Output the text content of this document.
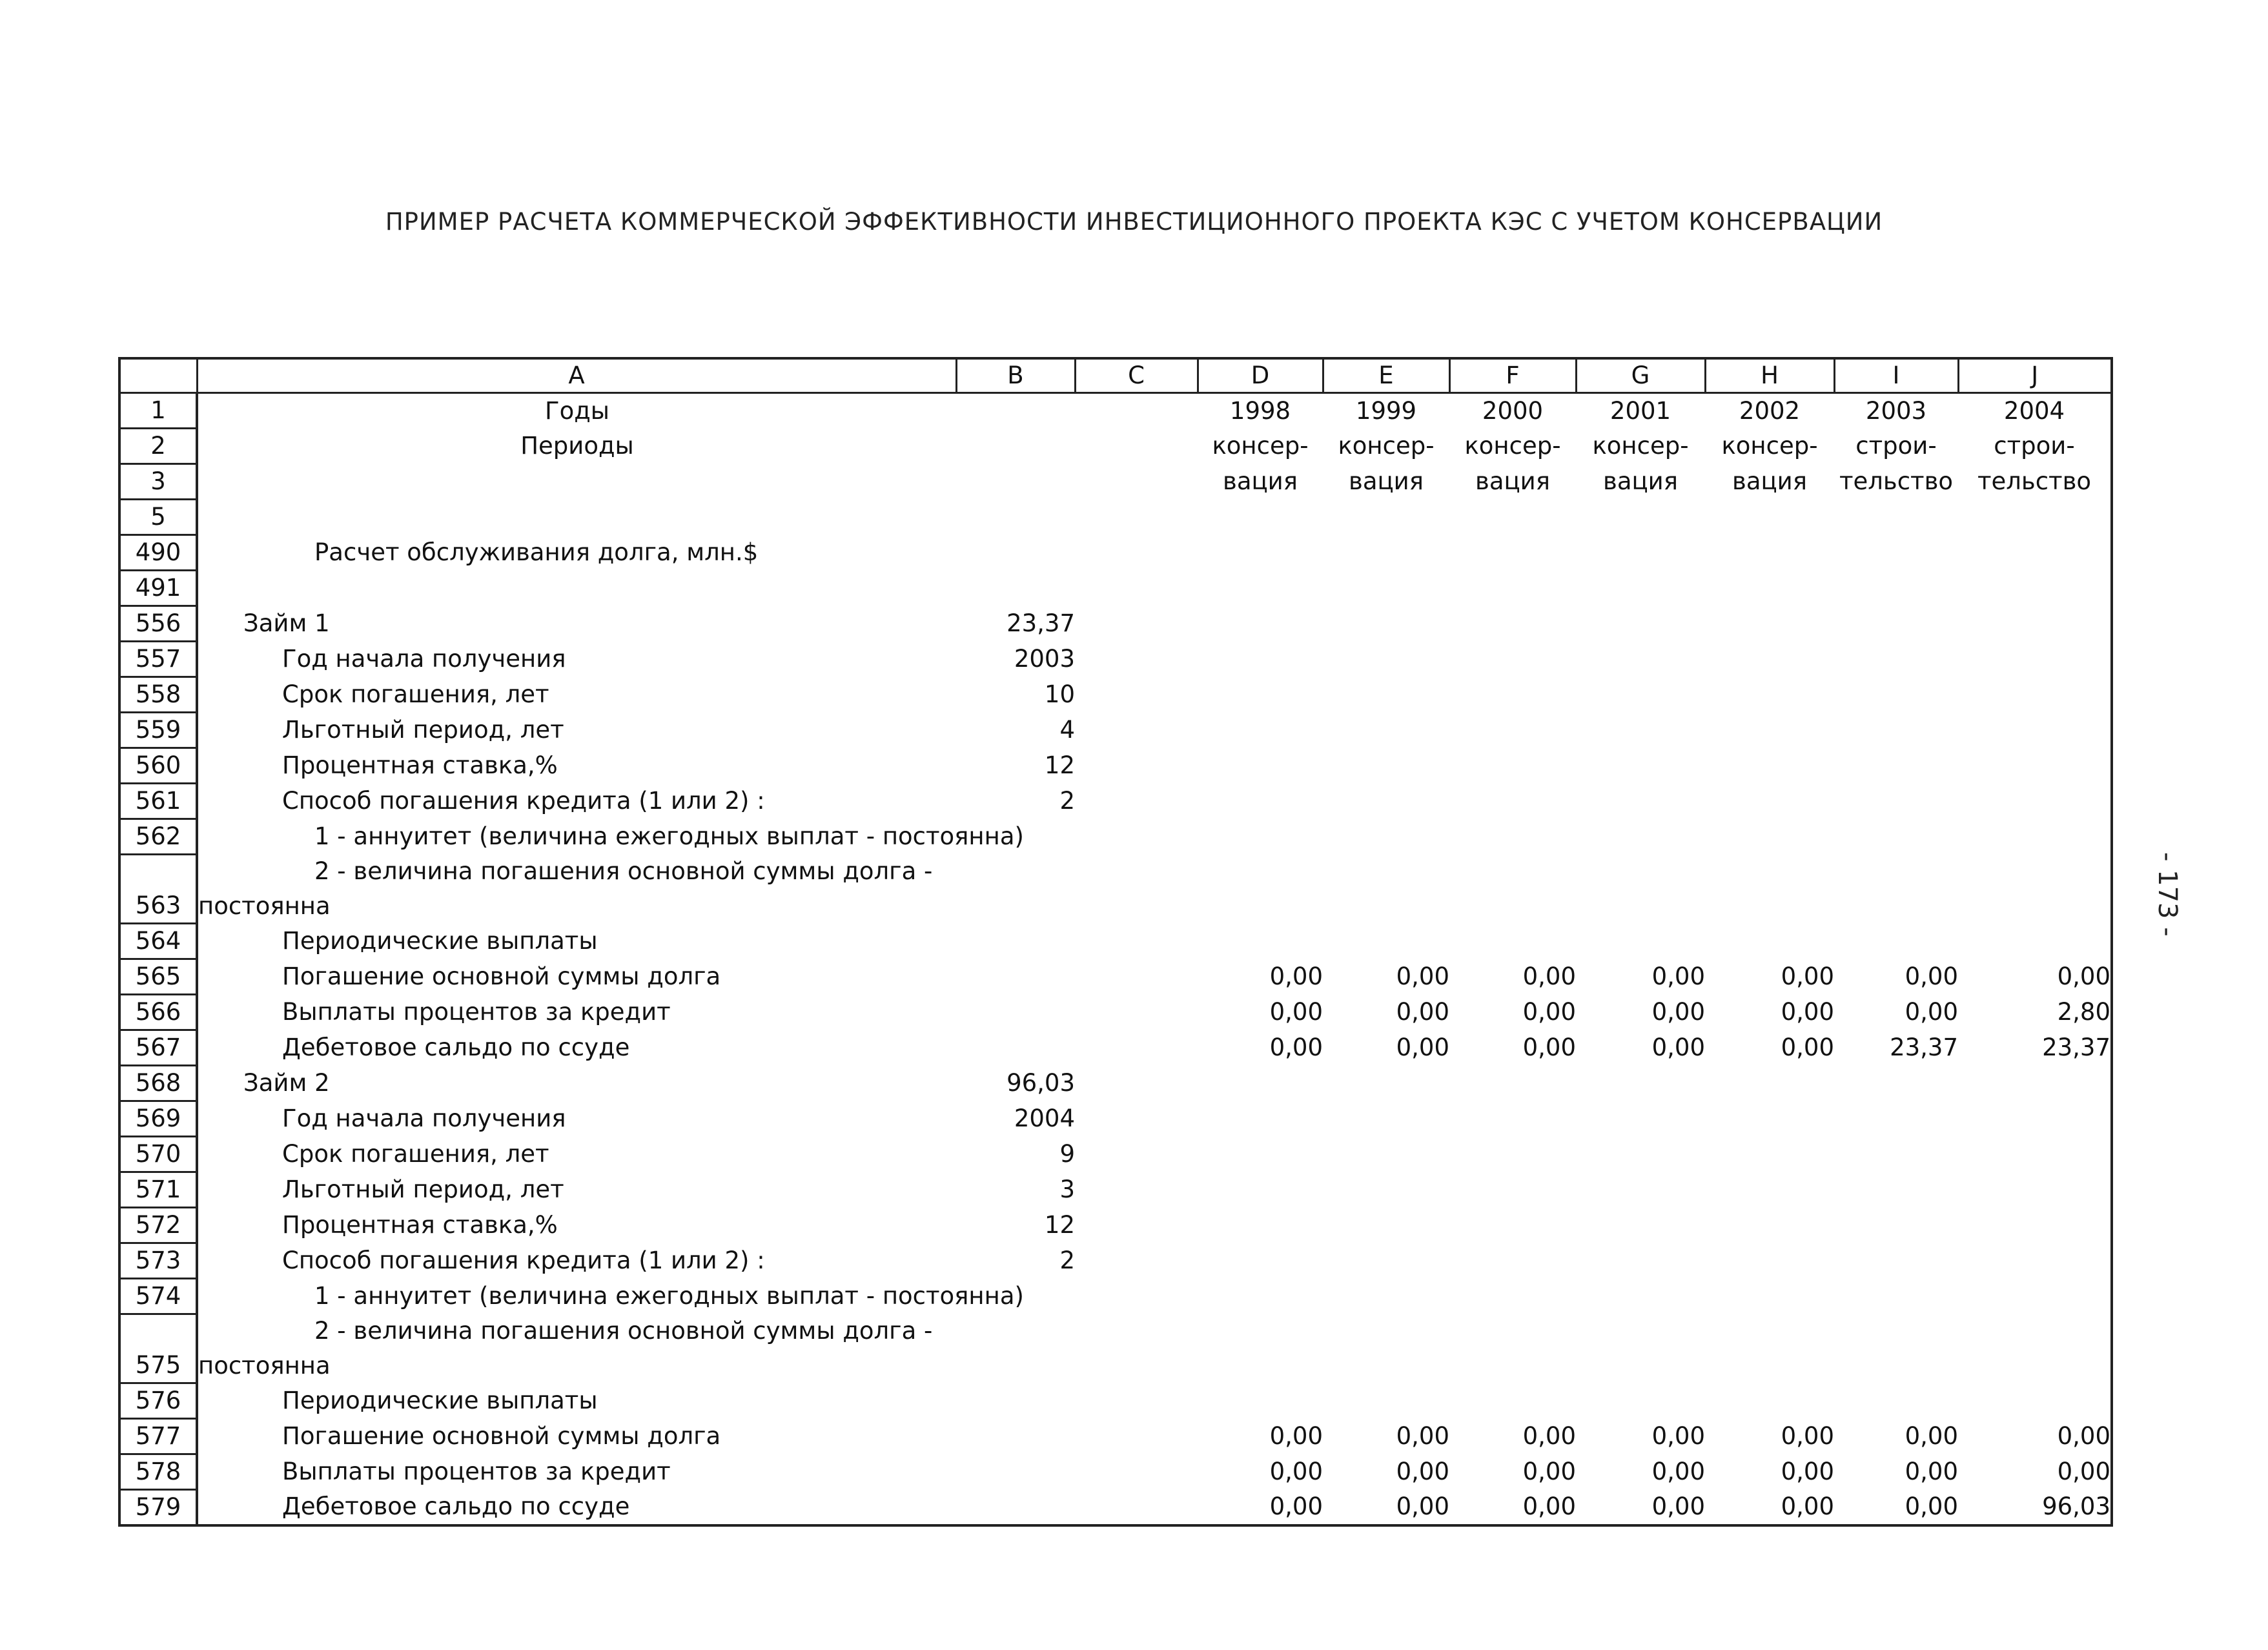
ПРИМЕР РАСЧЕТА КОММЕРЧЕСКОЙ ЭФФЕКТИВНОСТИ ИНВЕСТИЦИОННОГО ПРОЕКТА КЭС С УЧЕТОМ КОНСЕРВАЦИИ
- 173 -
	A	B	C	D	E	F	G	H	I	J
1	Годы			1998	1999	2000	2001	2002	2003	2004
2	Периоды			консер-	консер-	консер-	консер-	консер-	строи-	строи-
3				вация	вация	вация	вация	вация	тельство	тельство
5										
490	Расчет обслуживания долга, млн.$									
491										
556	Займ 1	23,37								
557	Год начала получения	2003								
558	Срок погашения, лет	10								
559	Льготный период, лет	4								
560	Процентная ставка,%	12								
561	Способ погашения кредита (1 или 2) :	2								
562	1 - аннуитет (величина ежегодных выплат - постоянна)									
	2 - величина погашения основной суммы долга -									
563	постоянна									
564	Периодические выплаты									
565	Погашение основной суммы долга			0,00	0,00	0,00	0,00	0,00	0,00	0,00
566	Выплаты процентов за кредит			0,00	0,00	0,00	0,00	0,00	0,00	2,80
567	Дебетовое сальдо по ссуде			0,00	0,00	0,00	0,00	0,00	23,37	23,37
568	Займ 2	96,03								
569	Год начала получения	2004								
570	Срок погашения, лет	9								
571	Льготный период, лет	3								
572	Процентная ставка,%	12								
573	Способ погашения кредита (1 или 2) :	2								
574	1 - аннуитет (величина ежегодных выплат - постоянна)									
	2 - величина погашения основной суммы долга -									
575	постоянна									
576	Периодические выплаты									
577	Погашение основной суммы долга			0,00	0,00	0,00	0,00	0,00	0,00	0,00
578	Выплаты процентов за кредит			0,00	0,00	0,00	0,00	0,00	0,00	0,00
579	Дебетовое сальдо по ссуде			0,00	0,00	0,00	0,00	0,00	0,00	96,03
